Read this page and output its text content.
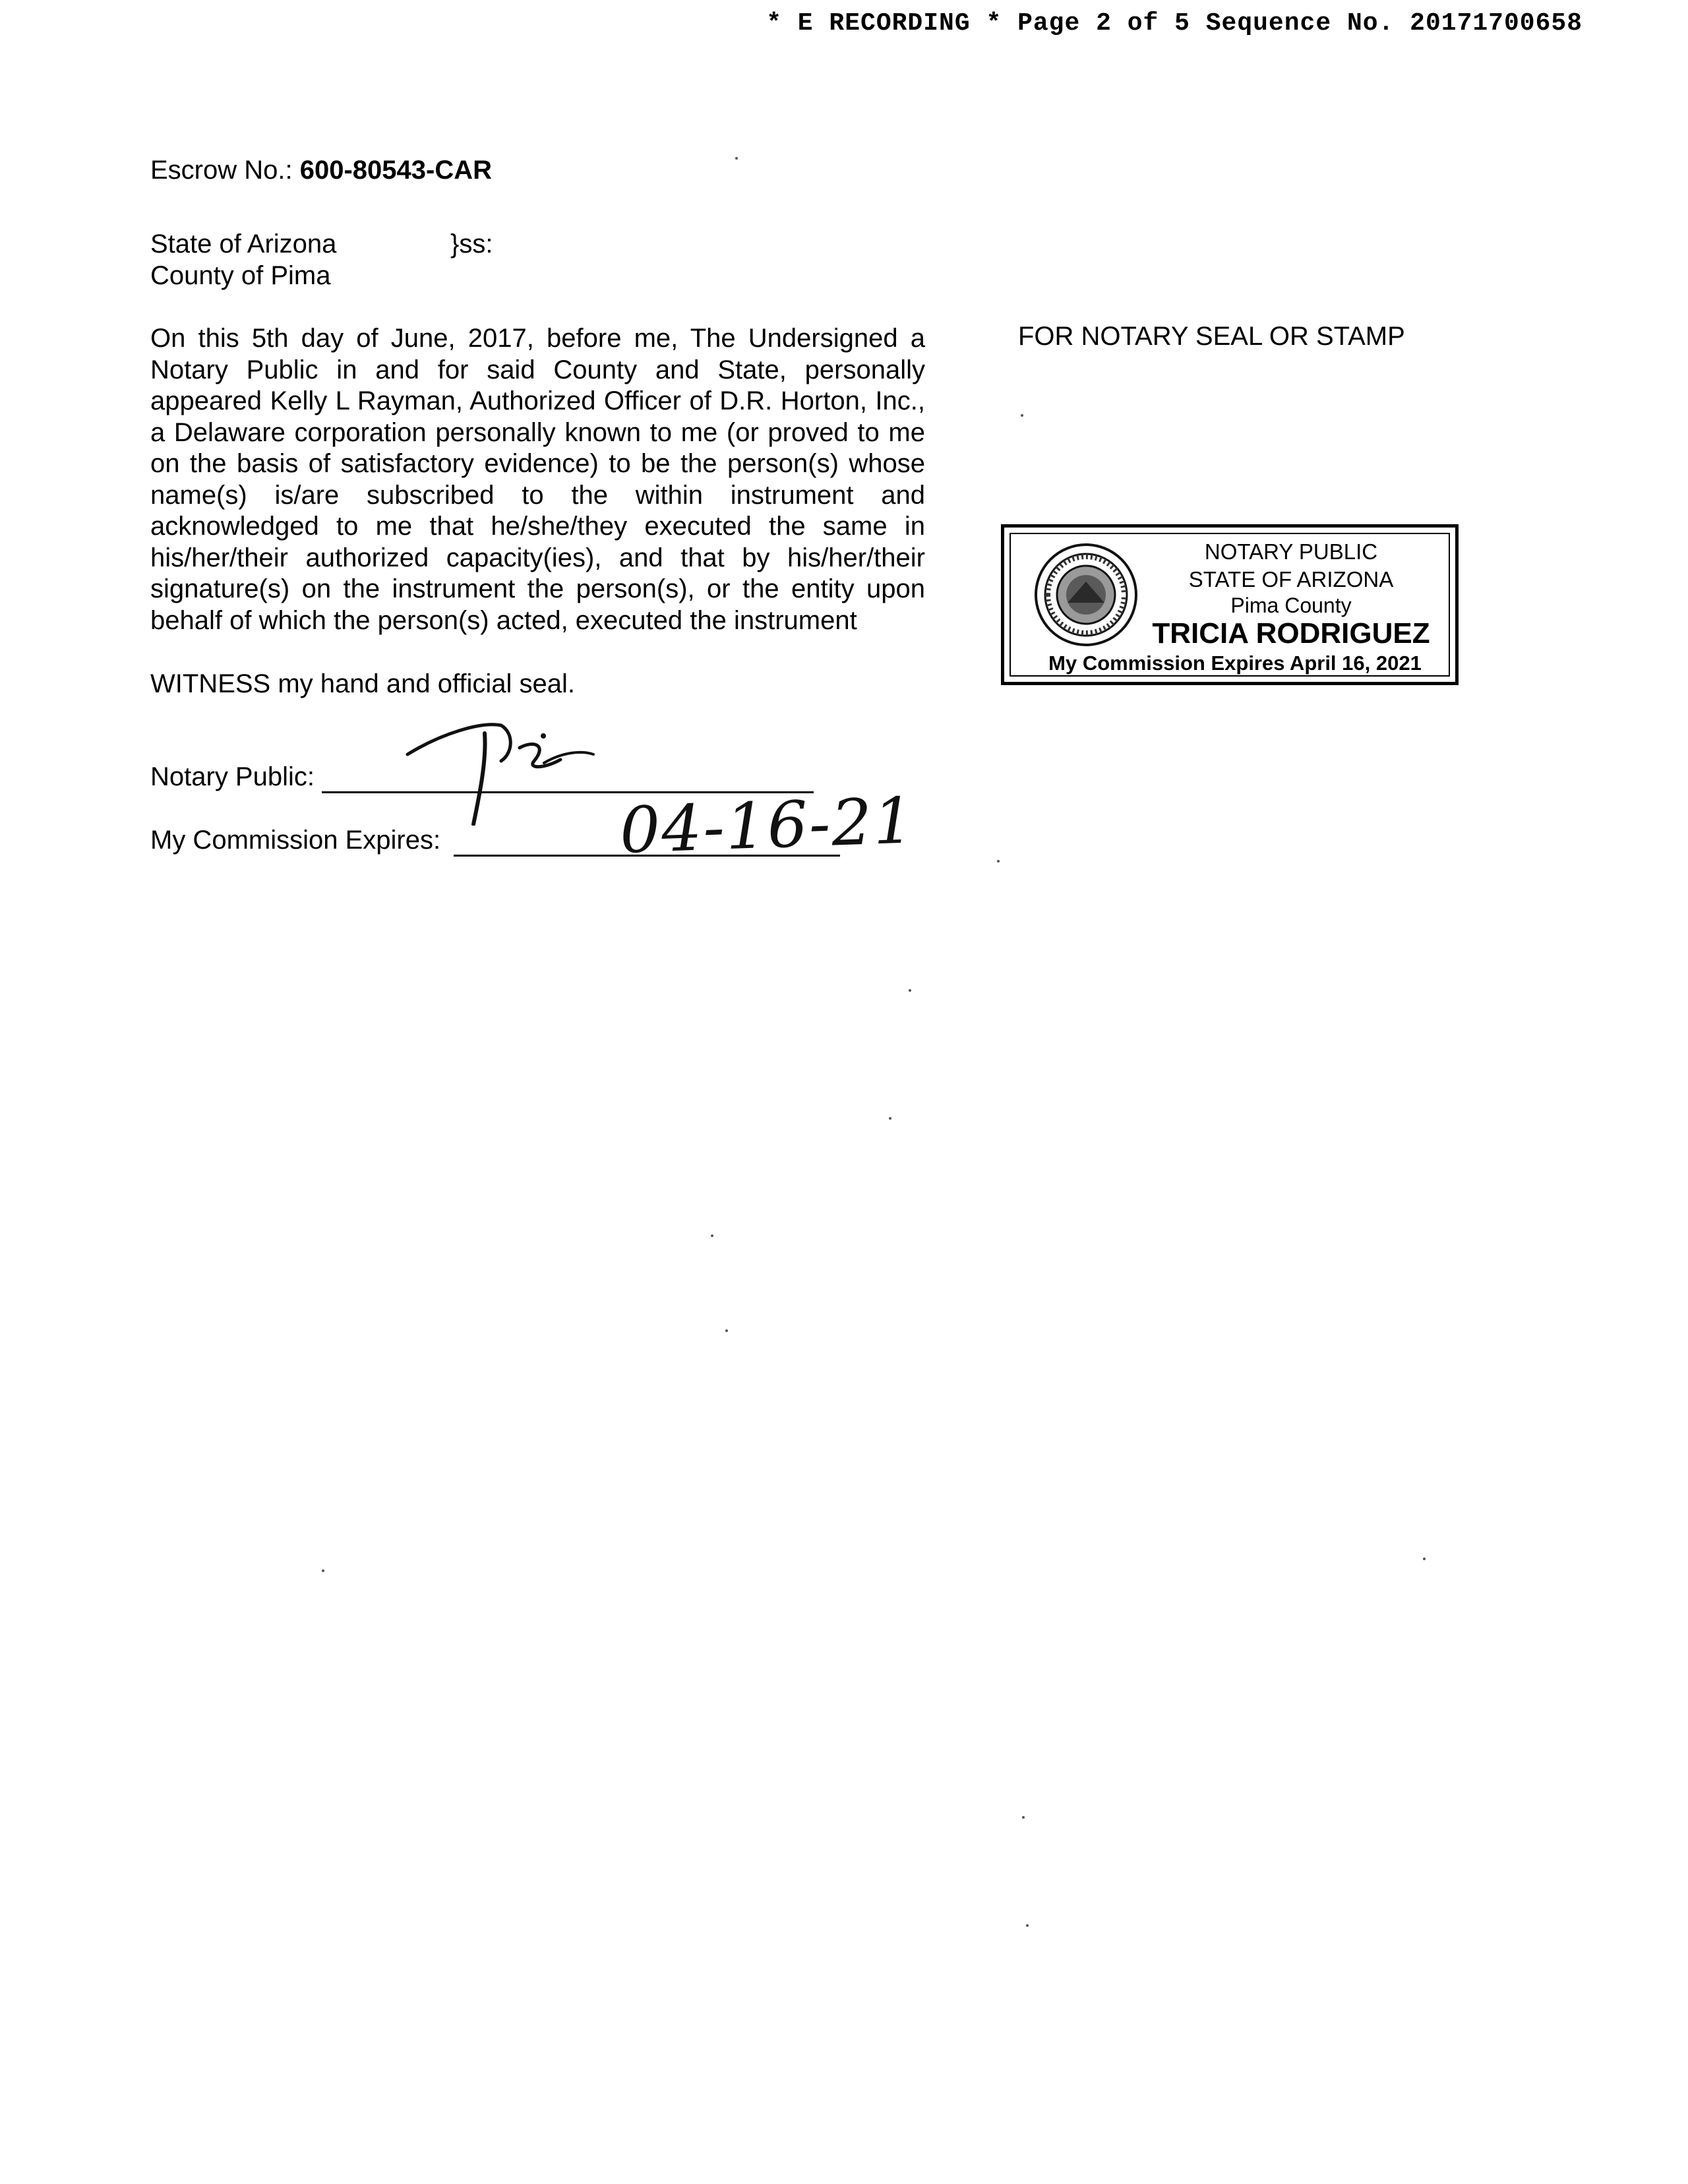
* E RECORDING * Page 2 of 5 Sequence No. 20171700658
Escrow No.: 600-80543-CAR
State of Arizona
County of Pima
}ss:
On this 5th day of June, 2017, before me, The Undersigned a Notary Public in and for said County and State, personally appeared Kelly L Rayman, Authorized Officer of D.R. Horton, Inc., a Delaware corporation personally known to me (or proved to me on the basis of satisfactory evidence) to be the person(s) whose name(s) is/are subscribed to the within instrument and acknowledged to me that he/she/they executed the same in his/her/their authorized capacity(ies), and that by his/her/their signature(s) on the instrument the person(s), or the entity upon behalf of which the person(s) acted, executed the instrument
FOR NOTARY SEAL OR STAMP
WITNESS my hand and official seal.
Notary Public:
My Commission Expires:	04-16-21
NOTARY PUBLIC
STATE OF ARIZONA
Pima County
TRICIA RODRIGUEZ
My Commission Expires April 16, 2021
